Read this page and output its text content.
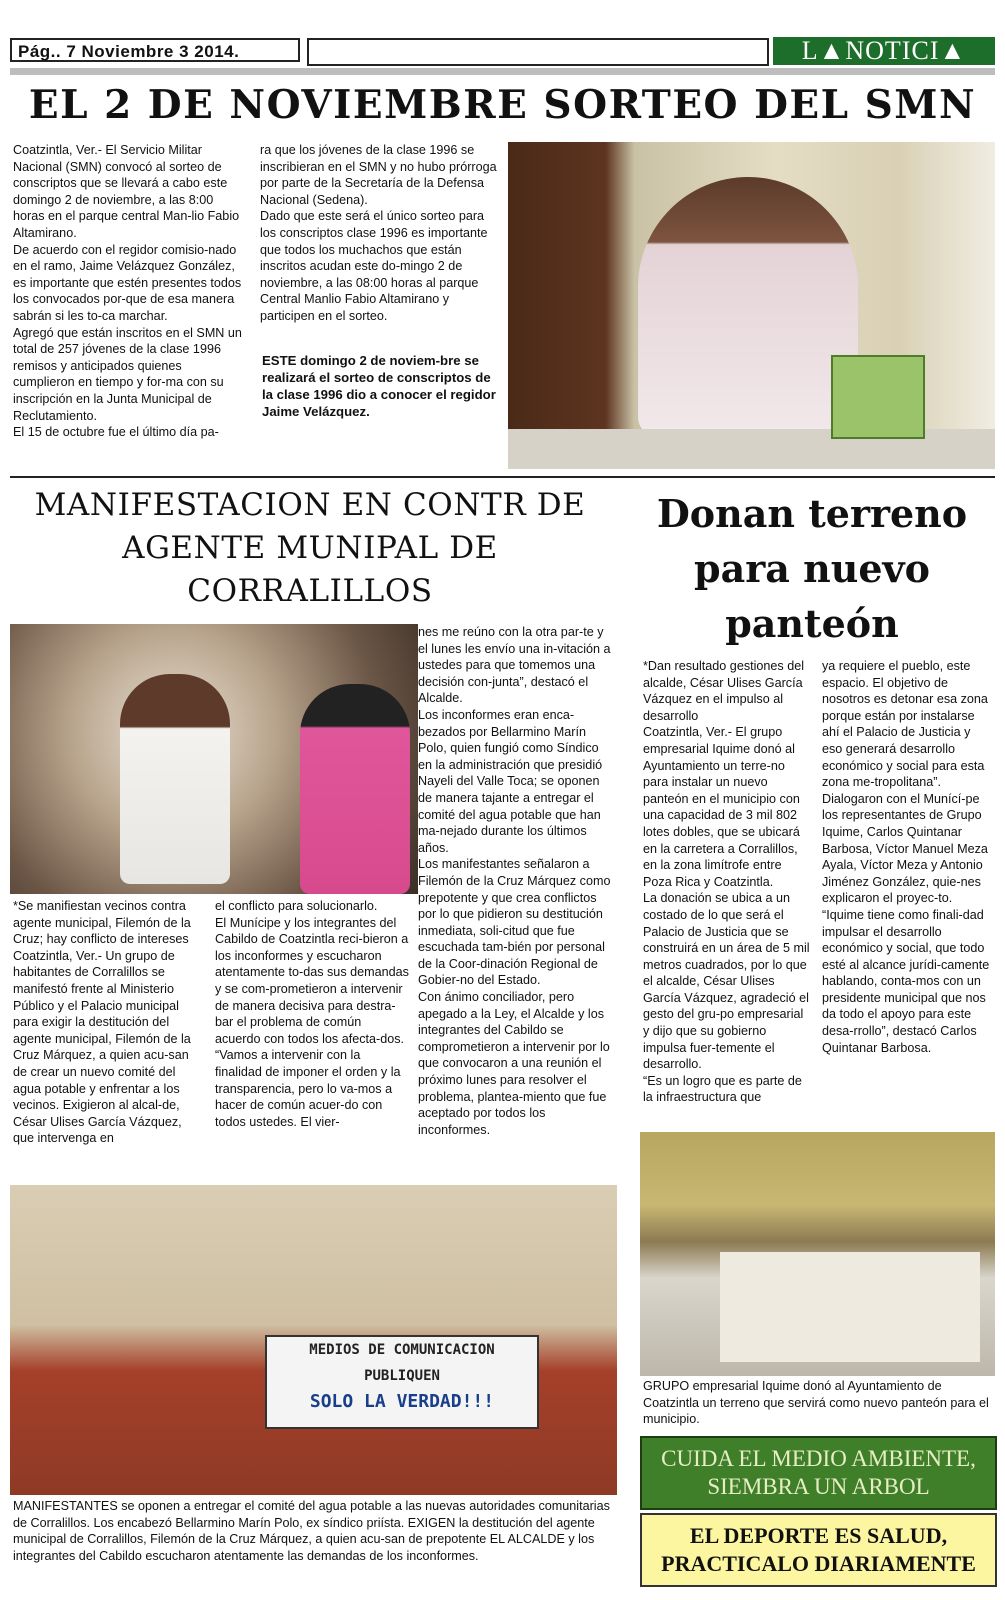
Pág.. 7 Noviembre 3 2014.	L▲NOTICI▲
EL 2 DE NOVIEMBRE SORTEO DEL SMN

Coatzintla, Ver.- El Servicio Militar Nacional (SMN) convocó al sorteo de conscriptos que se llevará a cabo este domingo 2 de noviembre, a las 8:00 horas en el parque central Man-lio Fabio Altamirano.

De acuerdo con el regidor comisio-nado en el ramo, Jaime Velázquez González, es importante que estén presentes todos los convocados por-que de esa manera sabrán si les to-ca marchar.

Agregó que están inscritos en el SMN un total de 257 jóvenes de la clase 1996 remisos y anticipados quienes cumplieron en tiempo y for-ma con su inscripción en la Junta Municipal de Reclutamiento.

El 15 de octubre fue el último día pa-

ra que los jóvenes de la clase 1996 se inscribieran en el SMN y no hubo prórroga por parte de la Secretaría de la Defensa Nacional (Sedena).

Dado que este será el único sorteo para los conscriptos clase 1996 es importante que todos los muchachos que están inscritos acudan este do-mingo 2 de noviembre, a las 08:00 horas al parque Central Manlio Fabio Altamirano y participen en el sorteo.

ESTE domingo 2 de noviem-bre se realizará el sorteo de conscriptos de la clase 1996 dio a conocer el regidor Jaime Velázquez.
MANIFESTACION EN CONTR DE
AGENTE MUNIPAL DE
CORRALILLOS

nes me reúno con la otra par-te y el lunes les envío una in-vitación a ustedes para que tomemos una decisión con-junta”, destacó el Alcalde.

Los inconformes eran enca-bezados por Bellarmino Marín Polo, quien fungió como Síndico en la administración que presidió Nayeli del Valle Toca; se oponen de manera tajante a entregar el comité del agua potable que han ma-nejado durante los últimos años.

Los manifestantes señalaron a Filemón de la Cruz Márquez como prepotente y que crea conflictos por lo que pidieron su destitución inmediata, soli-citud que fue escuchada tam-bién por personal de la Coor-dinación Regional de Gobier-no del Estado.

Con ánimo conciliador, pero apegado a la Ley, el Alcalde y los integrantes del Cabildo se comprometieron a intervenir por lo que convocaron a una reunión el próximo lunes para resolver el problema, plantea-miento que fue aceptado por todos los inconformes.

*Se manifiestan vecinos contra agente municipal, Filemón de la Cruz; hay conflicto de intereses

Coatzintla, Ver.- Un grupo de habitantes de Corralillos se manifestó frente al Ministerio Público y el Palacio municipal para exigir la destitución del agente municipal, Filemón de la Cruz Márquez, a quien acu-san de crear un nuevo comité del agua potable y enfrentar a los vecinos. Exigieron al alcal-de, César Ulises García Vázquez, que intervenga en

el conflicto para solucionarlo.

El Munícipe y los integrantes del Cabildo de Coatzintla reci-bieron a los inconformes y escucharon atentamente to-das sus demandas y se com-prometieron a intervenir de manera decisiva para destra-bar el problema de común acuerdo con todos los afecta-dos.

“Vamos a intervenir con la finalidad de imponer el orden y la transparencia, pero lo va-mos a hacer de común acuer-do con todos ustedes. El vier-

MEDIOS DE COMUNICACION
PUBLIQUEN
SOLO LA VERDAD!!!
MANIFESTANTES se oponen a entregar el comité del agua potable a las nuevas autoridades comunitarias de Corralillos. Los encabezó Bellarmino Marín Polo, ex síndico priísta. EXIGEN la destitución del agente municipal de Corralillos, Filemón de la Cruz Márquez, a quien acu-san de prepotente EL ALCALDE y los integrantes del Cabildo escucharon atentamente las demandas de los inconformes.
Donan terreno
para nuevo
panteón

*Dan resultado gestiones del alcalde, César Ulises García Vázquez en el impulso al desarrollo

Coatzintla, Ver.- El grupo empresarial Iquime donó al Ayuntamiento un terre-no para instalar un nuevo panteón en el municipio con una capacidad de 3 mil 802 lotes dobles, que se ubicará en la carretera a Corralillos, en la zona limítrofe entre Poza Rica y Coatzintla.

La donación se ubica a un costado de lo que será el Palacio de Justicia que se construirá en un área de 5 mil metros cuadrados, por lo que el alcalde, César Ulises García Vázquez, agradeció el gesto del gru-po empresarial y dijo que su gobierno impulsa fuer-temente el desarrollo.

“Es un logro que es parte de la infraestructura que

ya requiere el pueblo, este espacio. El objetivo de nosotros es detonar esa zona porque están por instalarse ahí el Palacio de Justicia y eso generará desarrollo económico y social para esta zona me-tropolitana”.

Dialogaron con el Munící-pe los representantes de Grupo Iquime, Carlos Quintanar Barbosa, Víctor Manuel Meza Ayala, Víctor Meza y Antonio Jiménez González, quie-nes explicaron el proyec-to.

“Iquime tiene como finali-dad impulsar el desarrollo económico y social, que todo esté al alcance jurídi-camente hablando, conta-mos con un presidente municipal que nos da todo el apoyo para este desa-rrollo”, destacó Carlos Quintanar Barbosa.

GRUPO empresarial Iquime donó al Ayuntamiento de Coatzintla un terreno que servirá como nuevo panteón para el municipio.
CUIDA EL MEDIO AMBIENTE,
SIEMBRA UN ARBOL
EL DEPORTE ES SALUD,
PRACTICALO DIARIAMENTE
